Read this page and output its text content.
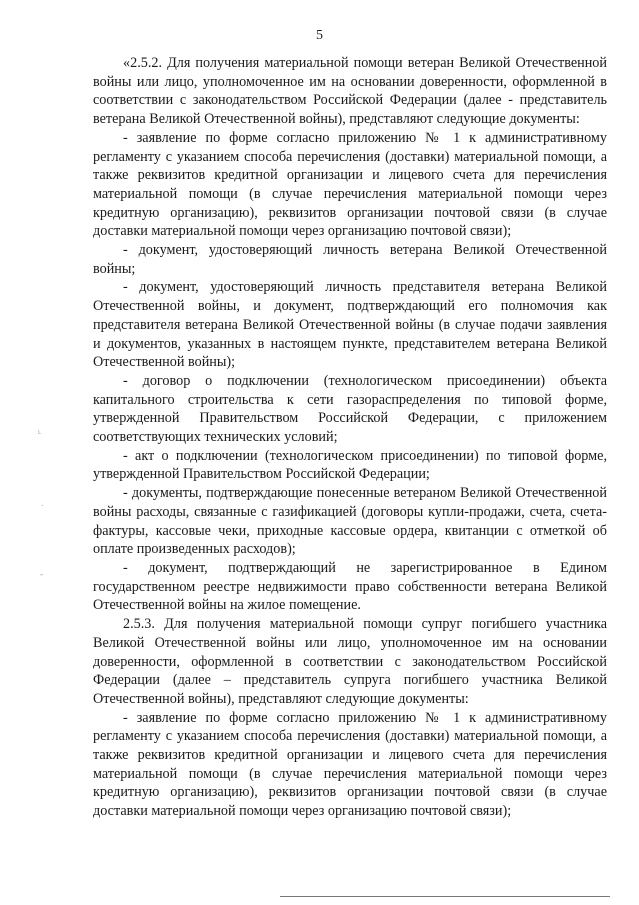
5

«2.5.2. Для получения материальной помощи ветеран Великой Отечественной войны или лицо, уполномоченное им на основании доверенности, оформленной в соответствии с законодательством Российской Федерации (далее - представитель ветерана Великой Отечественной войны), представляют следующие документы:

- заявление по форме согласно приложению № 1 к административному регламенту с указанием способа перечисления (доставки) материальной помощи, а также реквизитов кредитной организации и лицевого счета для перечисления материальной помощи (в случае перечисления материальной помощи через кредитную организацию), реквизитов организации почтовой связи (в случае доставки материальной помощи через организацию почтовой связи);

- документ, удостоверяющий личность ветерана Великой Отечественной войны;

- документ, удостоверяющий личность представителя ветерана Великой Отечественной войны, и документ, подтверждающий его полномочия как представителя ветерана Великой Отечественной войны (в случае подачи заявления и документов, указанных в настоящем пункте, представителем ветерана Великой Отечественной войны);

- договор о подключении (технологическом присоединении) объекта капитального строительства к сети газораспределения по типовой форме, утвержденной Правительством Российской Федерации, с приложением соответствующих технических условий;

- акт о подключении (технологическом присоединении) по типовой форме, утвержденной Правительством Российской Федерации;

- документы, подтверждающие понесенные ветераном Великой Отечественной войны расходы, связанные с газификацией (договоры купли-продажи, счета, счета-фактуры, кассовые чеки, приходные кассовые ордера, квитанции с отметкой об оплате произведенных расходов);

- документ, подтверждающий не зарегистрированное в Едином государственном реестре недвижимости право собственности ветерана Великой Отечественной войны на жилое помещение.

2.5.3. Для получения материальной помощи супруг погибшего участника Великой Отечественной войны или лицо, уполномоченное им на основании доверенности, оформленной в соответствии с законодательством Российской Федерации (далее – представитель супруга погибшего участника Великой Отечественной войны), представляют следующие документы:

- заявление по форме согласно приложению № 1 к административному регламенту с указанием способа перечисления (доставки) материальной помощи, а также реквизитов кредитной организации и лицевого счета для перечисления материальной помощи (в случае перечисления материальной помощи через кредитную организацию), реквизитов организации почтовой связи (в случае доставки материальной помощи через организацию почтовой связи);

ᴸ
˙
-
